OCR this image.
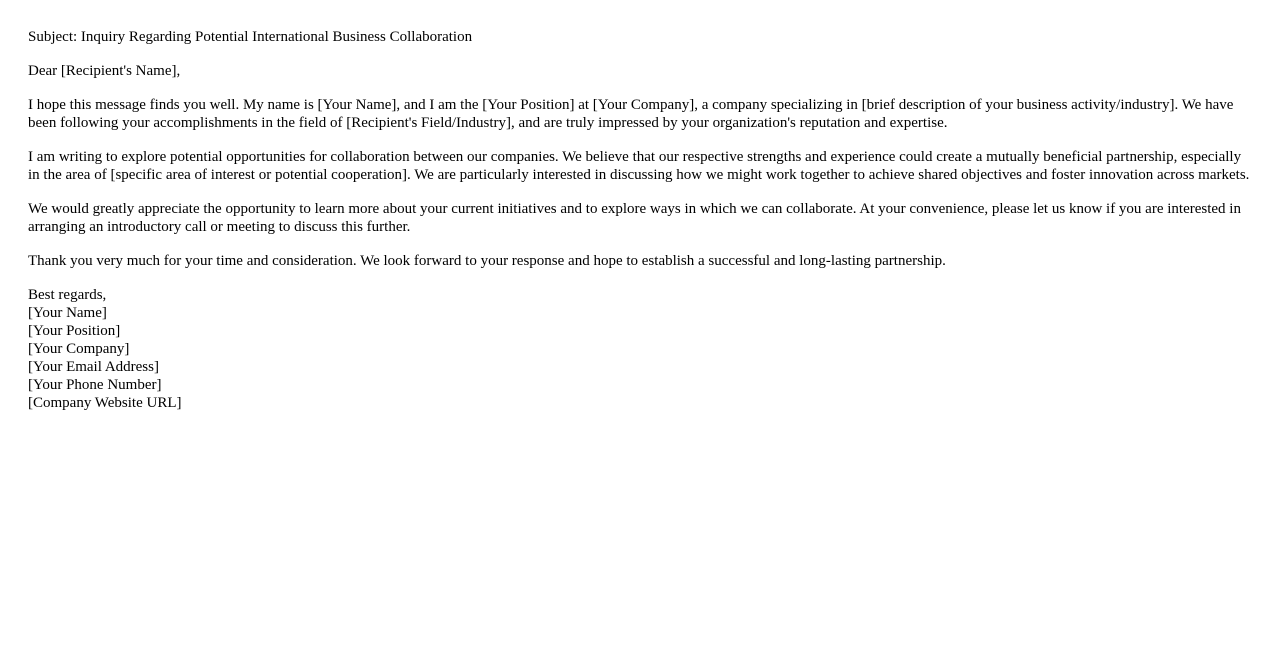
Subject: Inquiry Regarding Potential International Business Collaboration

Dear [Recipient's Name],

I hope this message finds you well. My name is [Your Name], and I am the [Your Position] at [Your Company], a company specializing in [brief description of your business activity/industry]. We have been following your accomplishments in the field of [Recipient's Field/Industry], and are truly impressed by your organization's reputation and expertise.

I am writing to explore potential opportunities for collaboration between our companies. We believe that our respective strengths and experience could create a mutually beneficial partnership, especially in the area of [specific area of interest or potential cooperation]. We are particularly interested in discussing how we might work together to achieve shared objectives and foster innovation across markets.

We would greatly appreciate the opportunity to learn more about your current initiatives and to explore ways in which we can collaborate. At your convenience, please let us know if you are interested in arranging an introductory call or meeting to discuss this further.

Thank you very much for your time and consideration. We look forward to your response and hope to establish a successful and long-lasting partnership.

Best regards,
[Your Name]
[Your Position]
[Your Company]
[Your Email Address]
[Your Phone Number]
[Company Website URL]
